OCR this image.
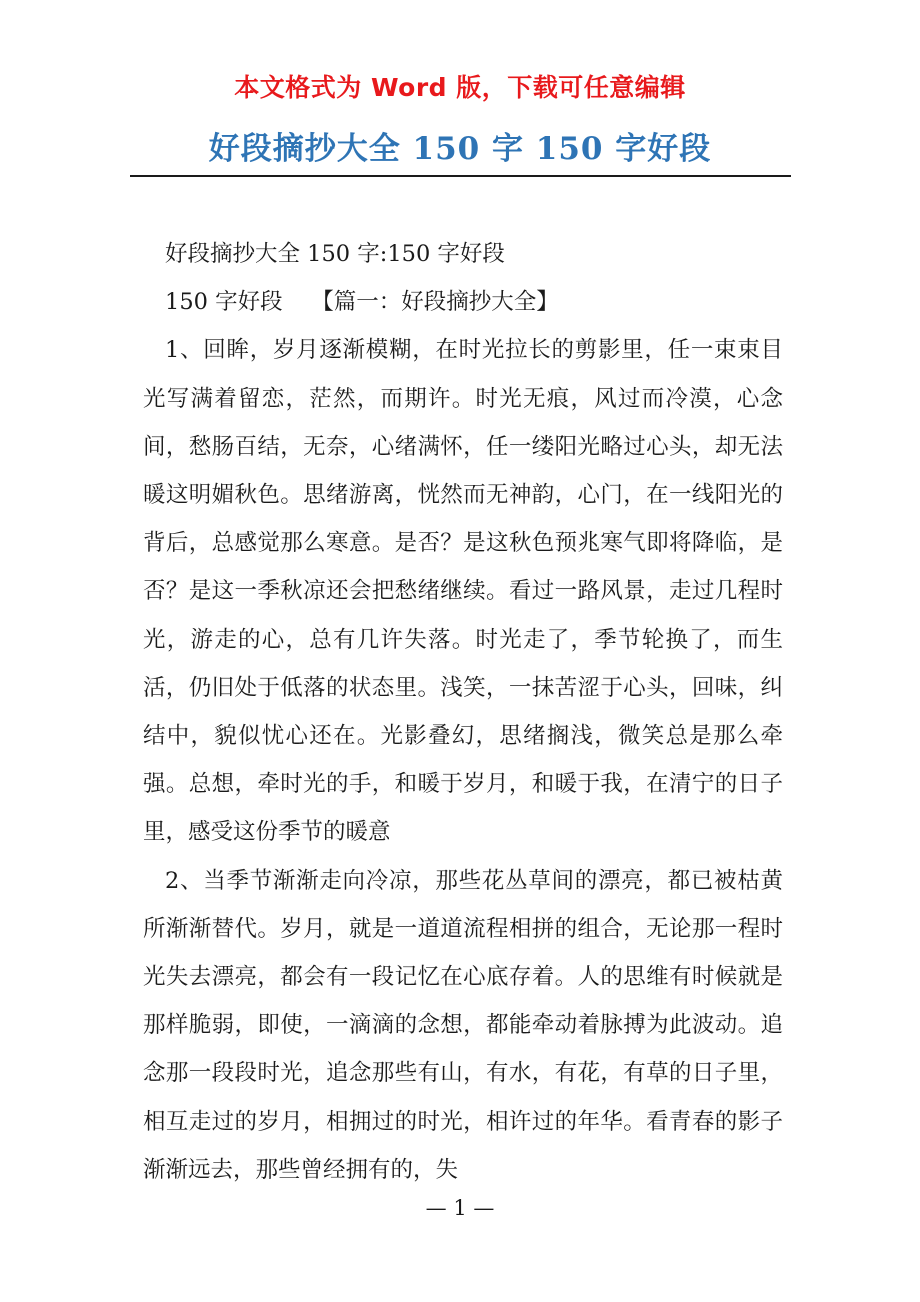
本文格式为 Word 版，下载可任意编辑
好段摘抄大全 150 字 150 字好段

好段摘抄大全 150 字:150 字好段

150 字好段 【篇一：好段摘抄大全】

1、回眸，岁月逐渐模糊，在时光拉长的剪影里，任一束束目光写满着留恋，茫然，而期许。时光无痕，风过而冷漠，心念间，愁肠百结，无奈，心绪满怀，任一缕阳光略过心头，却无法暖这明媚秋色。思绪游离，恍然而无神韵，心门，在一线阳光的背后，总感觉那么寒意。是否？是这秋色预兆寒气即将降临，是否？是这一季秋凉还会把愁绪继续。看过一路风景，走过几程时光，游走的心，总有几许失落。时光走了，季节轮换了，而生活，仍旧处于低落的状态里。浅笑，一抹苦涩于心头，回味，纠结中，貌似忧心还在。光影叠幻，思绪搁浅，微笑总是那么牵强。总想，牵时光的手，和暖于岁月，和暖于我，在清宁的日子里，感受这份季节的暖意

2、当季节渐渐走向冷凉，那些花丛草间的漂亮，都已被枯黄所渐渐替代。岁月，就是一道道流程相拼的组合，无论那一程时光失去漂亮，都会有一段记忆在心底存着。人的思维有时候就是那样脆弱，即使，一滴滴的念想，都能牵动着脉搏为此波动。追念那一段段时光，追念那些有山，有水，有花，有草的日子里，相互走过的岁月，相拥过的时光，相许过的年华。看青春的影子渐渐远去，那些曾经拥有的，失

— 1 —
